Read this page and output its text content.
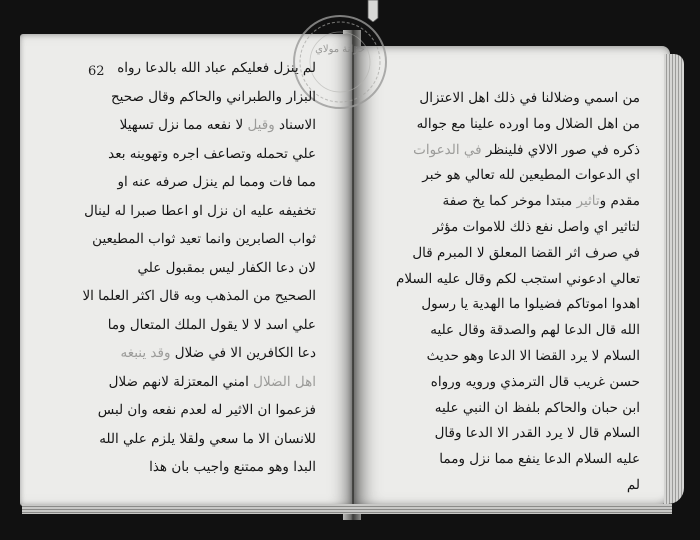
خزانة مولاي
62 لم ينزل فعليكم عباد الله بالدعا رواه
البزار والطبراني والحاكم وقال صحيح
الاسناد وقيل لا نفعه مما نزل تسهيلا
علي تحمله وتصاعف اجره وتهوينه بعد
مما فات ومما لم ينزل صرفه عنه او
تخفيفه عليه ان نزل او اعطا صبرا له لينال
ثواب الصابرين وانما تعيد ثواب المطيعين
لان دعا الكفار ليس بمقبول علي
الصحيح من المذهب وبه قال اكثر العلما الا
علي اسد لا لا يقول الملك المتعال وما
دعا الكافرين الا في ضلال وقد ينبغه
اهل الضلال امني المعتزلة لانهم ضلال
فزعموا ان الاثير له لعدم نفعه وان لبس
للانسان الا ما سعي ولقلا يلزم علي الله
البدا وهو ممتنع واجيب بان هذا
من اسمي وضلالنا في ذلك اهل الاعتزال
من اهل الضلال وما اورده علينا مع جواله
ذكره في صور الالاي فلينظر في الدعوات
اي الدعوات المطيعين لله تعالي هو خبر
مقدم وتاثير مبتدا موخر كما يخ صفة
لتاثير اي واصل نفع ذلك للاموات مؤثر
في صرف اثر القضا المعلق لا المبرم قال
تعالي ادعوني استجب لكم وقال عليه السلام
اهدوا اموتاكم فضيلوا ما الهدية يا رسول
الله قال الدعا لهم والصدقة وقال عليه
السلام لا يرد القضا الا الدعا وهو حديث
حسن غريب قال الترمذي ورويه ورواه
ابن حبان والحاكم بلفظ ان النبي عليه
السلام قال لا يرد القدر الا الدعا وقال
عليه السلام الدعا ينفع مما نزل ومما
لم
